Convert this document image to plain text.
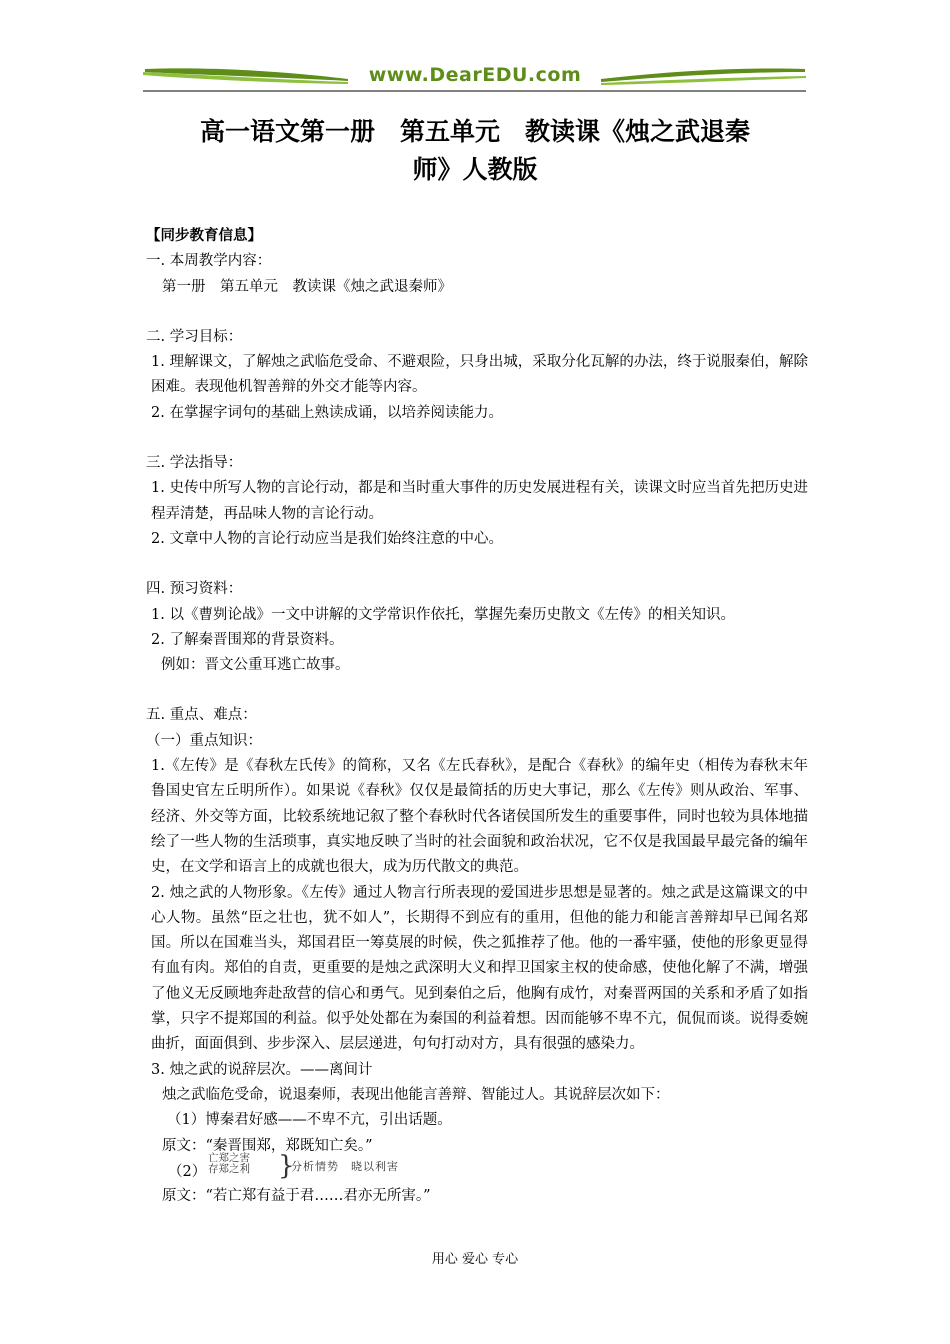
www.DearEDU.com
高一语文第一册　第五单元　教读课《烛之武退秦
师》人教版
【同步教育信息】
一. 本周教学内容：
第一册　第五单元　教读课《烛之武退秦师》
二. 学习目标：
1. 理解课文，了解烛之武临危受命、不避艰险，只身出城，采取分化瓦解的办法，终于说服秦伯，解除困难。表现他机智善辩的外交才能等内容。
2. 在掌握字词句的基础上熟读成诵，以培养阅读能力。
三. 学法指导：
1. 史传中所写人物的言论行动，都是和当时重大事件的历史发展进程有关，读课文时应当首先把历史进程弄清楚，再品味人物的言论行动。
2. 文章中人物的言论行动应当是我们始终注意的中心。
四. 预习资料：
1. 以《曹刿论战》一文中讲解的文学常识作依托，掌握先秦历史散文《左传》的相关知识。
2. 了解秦晋围郑的背景资料。
例如：晋文公重耳逃亡故事。
五. 重点、难点：
（一）重点知识：
1.《左传》是《春秋左氏传》的简称，又名《左氏春秋》，是配合《春秋》的编年史（相传为春秋末年鲁国史官左丘明所作）。如果说《春秋》仅仅是最简括的历史大事记，那么《左传》则从政治、军事、经济、外交等方面，比较系统地记叙了整个春秋时代各诸侯国所发生的重要事件，同时也较为具体地描绘了一些人物的生活琐事，真实地反映了当时的社会面貌和政治状况，它不仅是我国最早最完备的编年史，在文学和语言上的成就也很大，成为历代散文的典范。
2. 烛之武的人物形象。《左传》通过人物言行所表现的爱国进步思想是显著的。烛之武是这篇课文的中心人物。虽然“臣之壮也，犹不如人”，长期得不到应有的重用，但他的能力和能言善辩却早已闻名郑国。所以在国难当头，郑国君臣一筹莫展的时候，佚之狐推荐了他。他的一番牢骚，使他的形象更显得有血有肉。郑伯的自责，更重要的是烛之武深明大义和捍卫国家主权的使命感，使他化解了不满，增强了他义无反顾地奔赴敌营的信心和勇气。见到秦伯之后，他胸有成竹，对秦晋两国的关系和矛盾了如指掌，只字不提郑国的利益。似乎处处都在为秦国的利益着想。因而能够不卑不亢，侃侃而谈。说得委婉曲折，面面俱到、步步深入、层层递进，句句打动对方，具有很强的感染力。
3. 烛之武的说辞层次。——离间计
烛之武临危受命，说退秦师，表现出他能言善辩、智能过人。其说辞层次如下：
（1）博秦君好感——不卑不亢，引出话题。
原文：“秦晋围郑，郑既知亡矣。”
（2）
亡郑之害
存郑之利 }
分析情势　晓以利害
原文：“若亡郑有益于君……君亦无所害。”
用心 爱心 专心
